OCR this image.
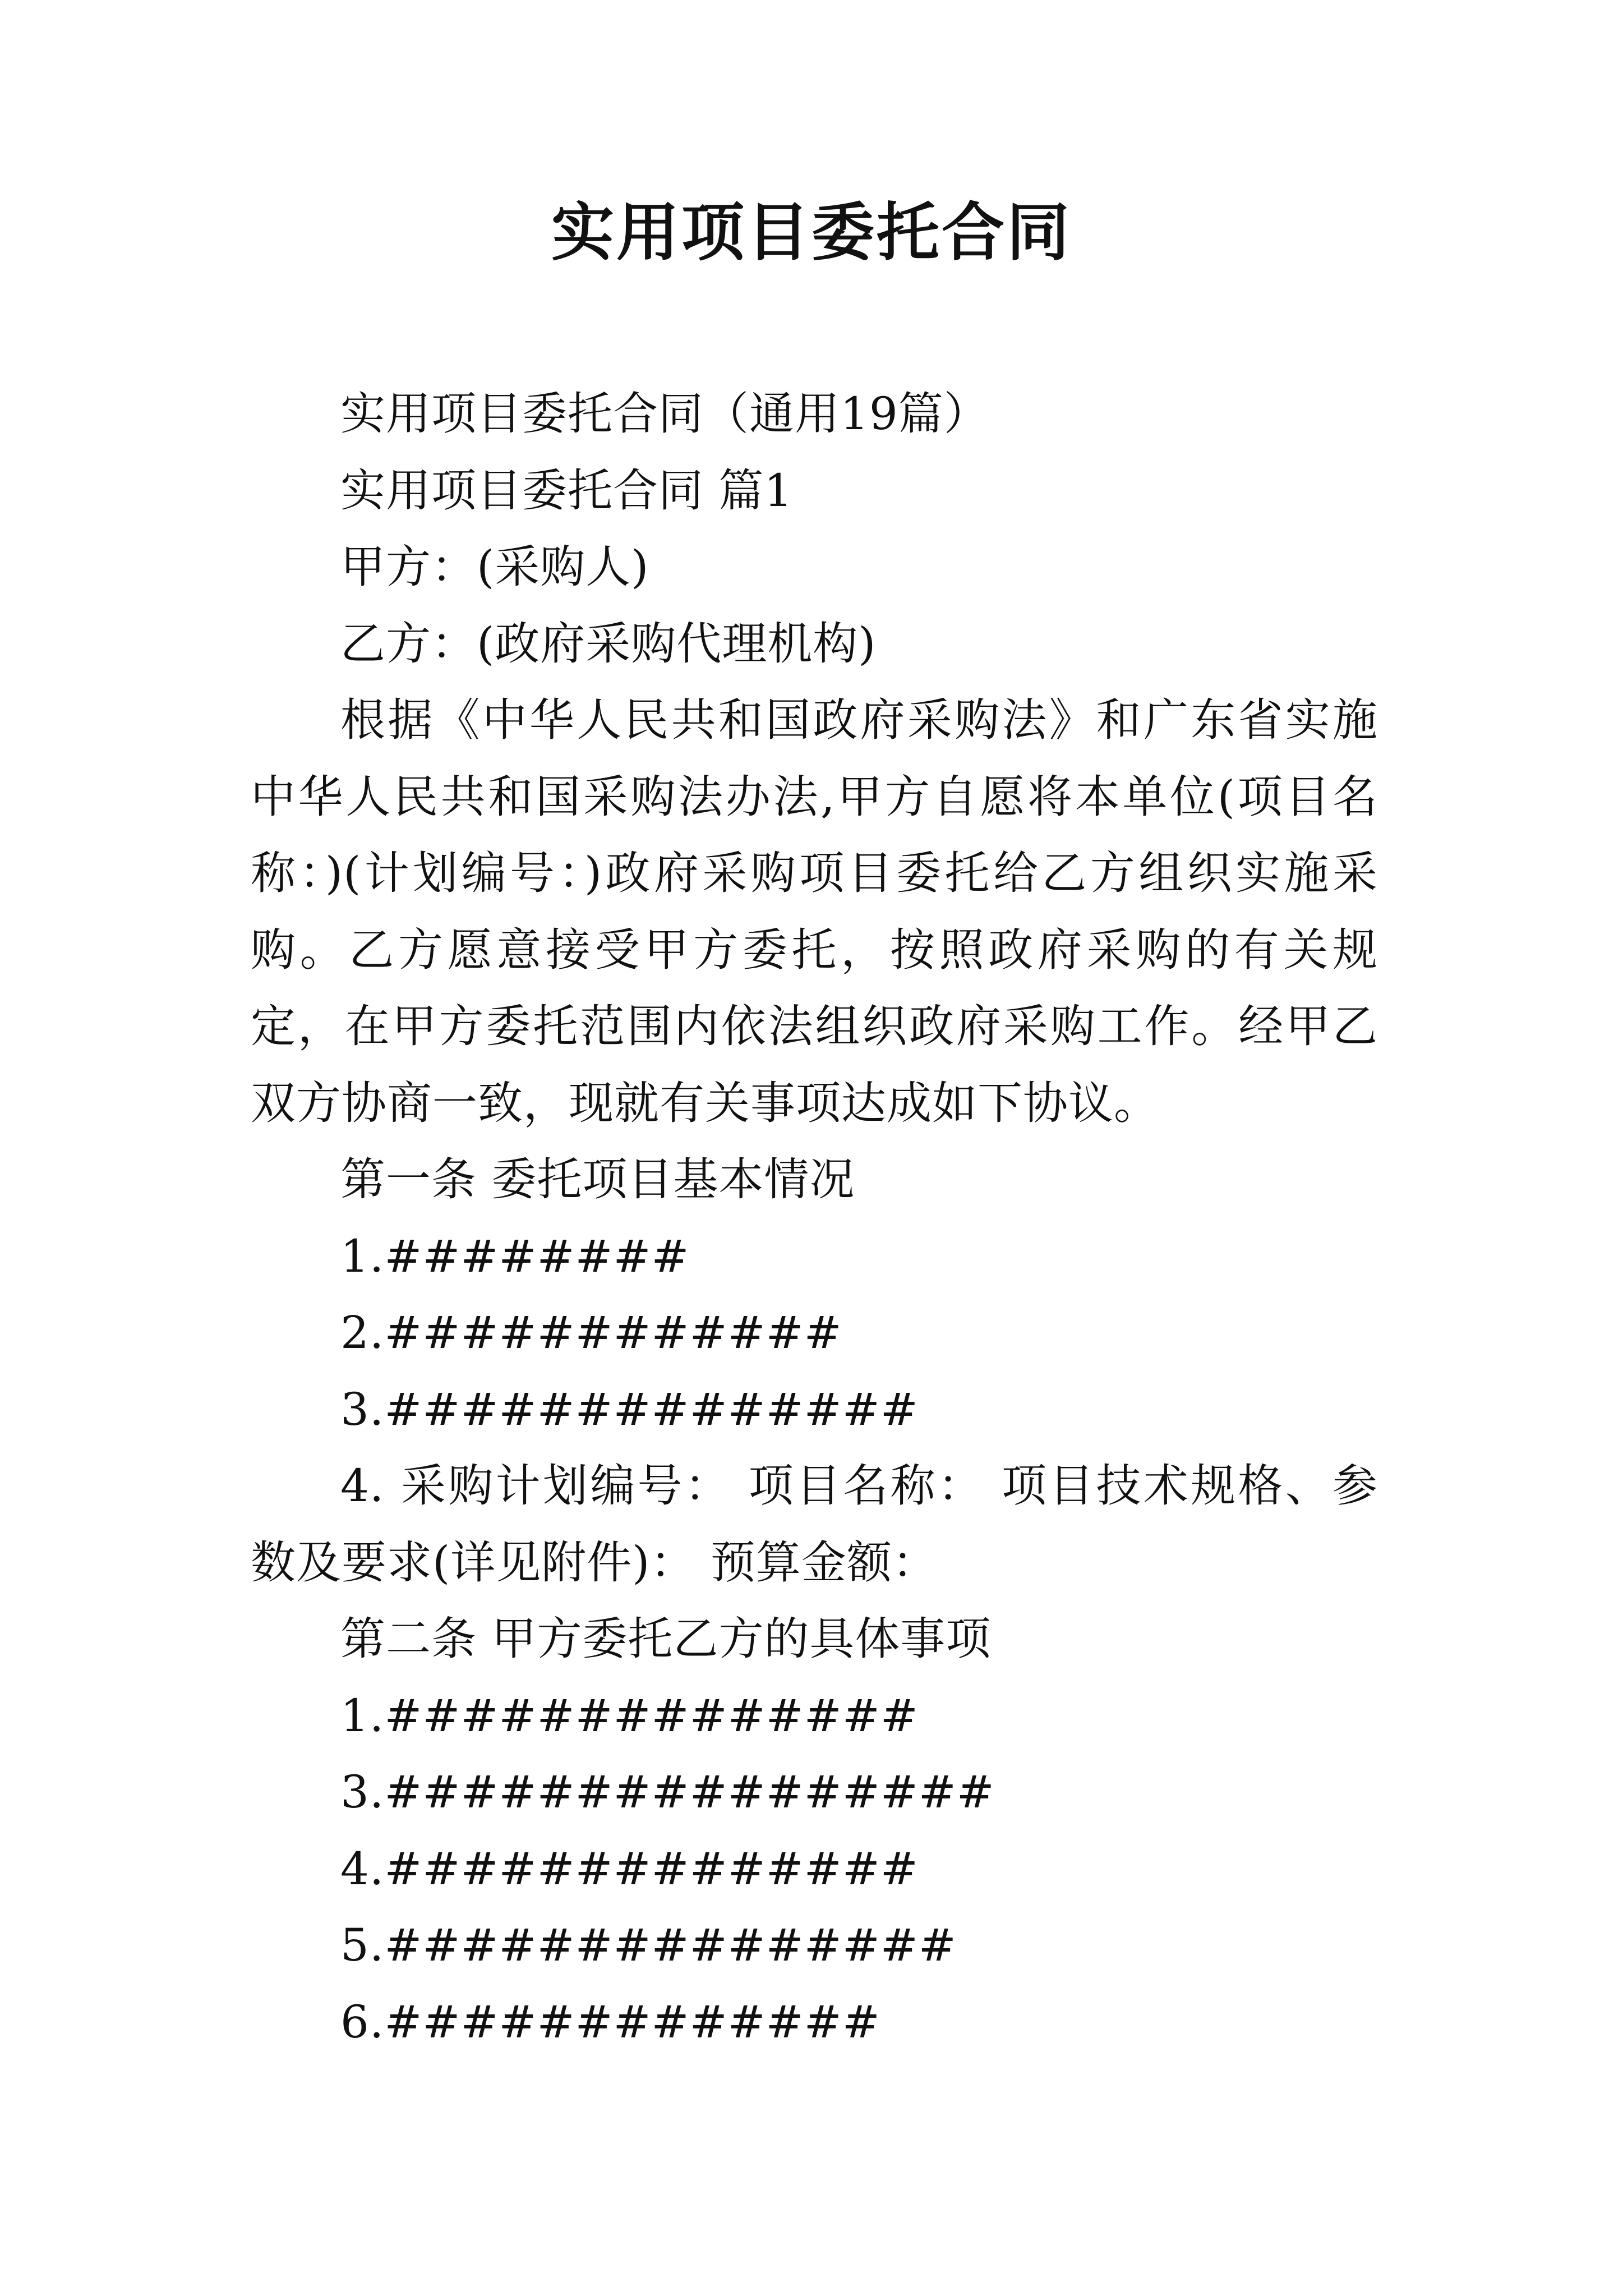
实用项目委托合同

实用项目委托合同（通用19篇）

实用项目委托合同 篇1

甲方：(采购人)

乙方：(政府采购代理机构)

根据《中华人民共和国政府采购法》和广东省实施中华人民共和国采购法办法,甲方自愿将本单位(项目名称：)(计划编号：)政府采购项目委托给乙方组织实施采购。乙方愿意接受甲方委托，按照政府采购的有关规定，在甲方委托范围内依法组织政府采购工作。经甲乙双方协商一致，现就有关事项达成如下协议。

第一条 委托项目基本情况

1.########

2.############

3.##############

4. 采购计划编号： 项目名称： 项目技术规格、参数及要求(详见附件)： 预算金额：

第二条 甲方委托乙方的具体事项

1.##############

3.################

4.##############

5.###############

6.#############
